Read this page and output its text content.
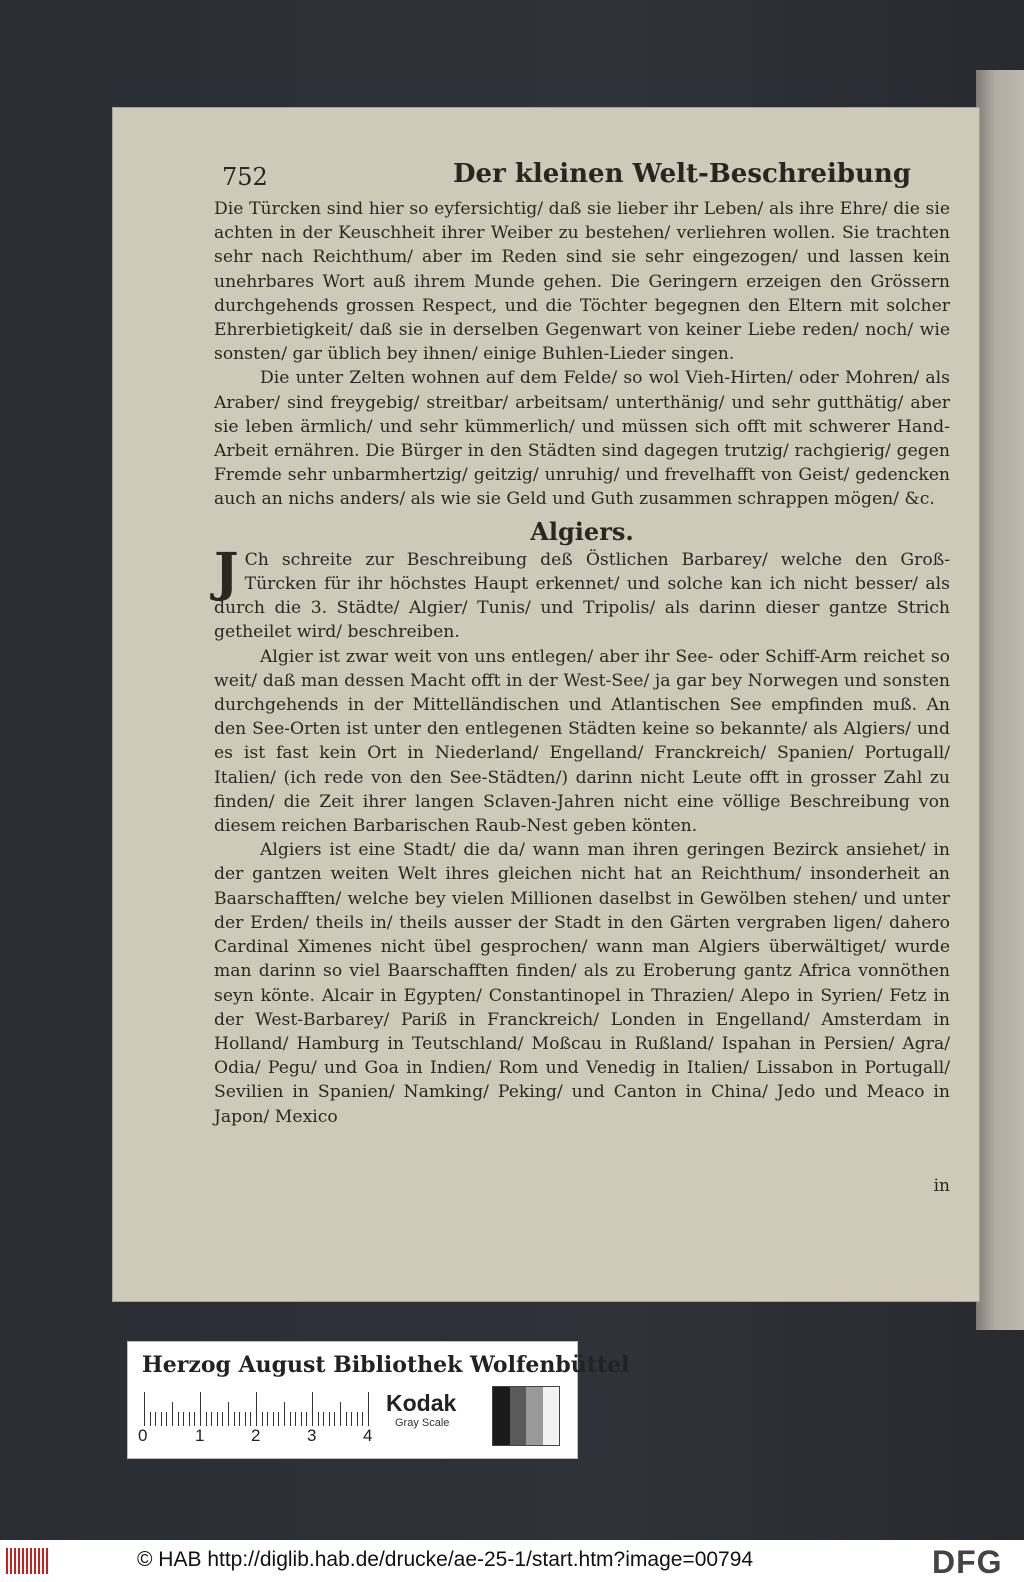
752	Der kleinen Welt-Beschreibung

Die Türcken sind hier so eyfersichtig/ daß sie lieber ihr Leben/ als ihre Ehre/ die sie achten in der Keuschheit ihrer Weiber zu bestehen/ verliehren wollen. Sie trachten sehr nach Reichthum/ aber im Reden sind sie sehr eingezogen/ und lassen kein unehrbares Wort auß ihrem Munde gehen. Die Geringern erzeigen den Grössern durchgehends grossen Respect, und die Töchter begegnen den Eltern mit solcher Ehrerbietigkeit/ daß sie in derselben Gegenwart von keiner Liebe reden/ noch/ wie sonsten/ gar üblich bey ihnen/ einige Buhlen-Lieder singen.

Die unter Zelten wohnen auf dem Felde/ so wol Vieh-Hirten/ oder Mohren/ als Araber/ sind freygebig/ streitbar/ arbeitsam/ unterthänig/ und sehr gutthätig/ aber sie leben ärmlich/ und sehr kümmerlich/ und müssen sich offt mit schwerer Hand-Arbeit ernähren. Die Bürger in den Städten sind dagegen trutzig/ rachgierig/ gegen Fremde sehr unbarmhertzig/ geitzig/ unruhig/ und frevelhafft von Geist/ gedencken auch an nichs anders/ als wie sie Geld und Guth zusammen schrappen mögen/ &c.

Algiers.

J Ch schreite zur Beschreibung deß Östlichen Barbarey/ welche den Groß-Türcken für ihr höchstes Haupt erkennet/ und solche kan ich nicht besser/ als durch die 3. Städte/ Algier/ Tunis/ und Tripolis/ als darinn dieser gantze Strich getheilet wird/ beschreiben.

Algier ist zwar weit von uns entlegen/ aber ihr See- oder Schiff-Arm reichet so weit/ daß man dessen Macht offt in der West-See/ ja gar bey Norwegen und sonsten durchgehends in der Mittelländischen und Atlantischen See empfinden muß. An den See-Orten ist unter den entlegenen Städten keine so bekannte/ als Algiers/ und es ist fast kein Ort in Niederland/ Engelland/ Franckreich/ Spanien/ Portugall/ Italien/ (ich rede von den See-Städten/) darinn nicht Leute offt in grosser Zahl zu finden/ die Zeit ihrer langen Sclaven-Jahren nicht eine völlige Beschreibung von diesem reichen Barbarischen Raub-Nest geben könten.

Algiers ist eine Stadt/ die da/ wann man ihren geringen Bezirck ansiehet/ in der gantzen weiten Welt ihres gleichen nicht hat an Reichthum/ insonderheit an Baarschafften/ welche bey vielen Millionen daselbst in Gewölben stehen/ und unter der Erden/ theils in/ theils ausser der Stadt in den Gärten vergraben ligen/ dahero Cardinal Ximenes nicht übel gesprochen/ wann man Algiers überwältiget/ wurde man darinn so viel Baarschafften finden/ als zu Eroberung gantz Africa vonnöthen seyn könte. Alcair in Egypten/ Constantinopel in Thrazien/ Alepo in Syrien/ Fetz in der West-Barbarey/ Pariß in Franckreich/ Londen in Engelland/ Amsterdam in Holland/ Hamburg in Teutschland/ Moßcau in Rußland/ Ispahan in Persien/ Agra/ Odia/ Pegu/ und Goa in Indien/ Rom und Venedig in Italien/ Lissabon in Portugall/ Sevilien in Spanien/ Namking/ Peking/ und Canton in China/ Jedo und Meaco in Japon/ Mexico

in
Herzog August Bibliothek Wolfenbüttel
0	1	2	3	4
Kodak
Gray Scale
© HAB http://diglib.hab.de/drucke/ae-25-1/start.htm?image=00794	DFG
